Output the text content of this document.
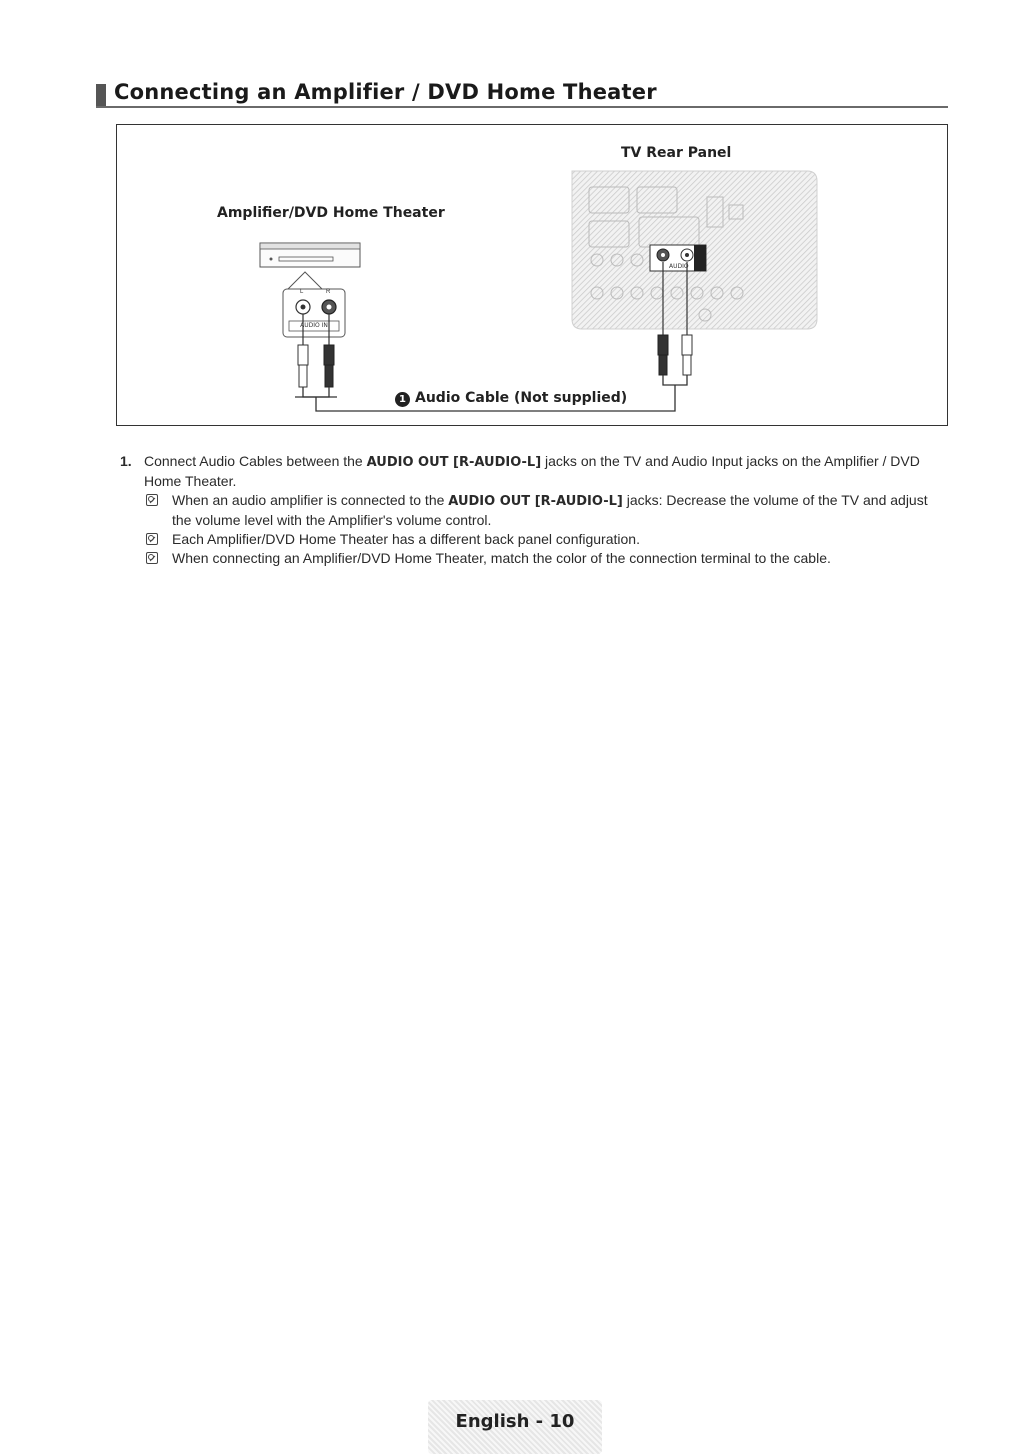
Connecting an Amplifier / DVD Home Theater
TV Rear Panel
Amplifier/DVD Home Theater
1 Audio Cable (Not supplied)
AUDIO IN
L	R
AUDIO
1. Connect Audio Cables between the AUDIO OUT [R-AUDIO-L] jacks on the TV and Audio Input jacks on the Amplifier / DVD Home Theater.
When an audio amplifier is connected to the AUDIO OUT [R-AUDIO-L] jacks: Decrease the volume of the TV and adjust the volume level with the Amplifier's volume control.
Each Amplifier/DVD Home Theater has a different back panel configuration.
When connecting an Amplifier/DVD Home Theater, match the color of the connection terminal to the cable.
English - 10
